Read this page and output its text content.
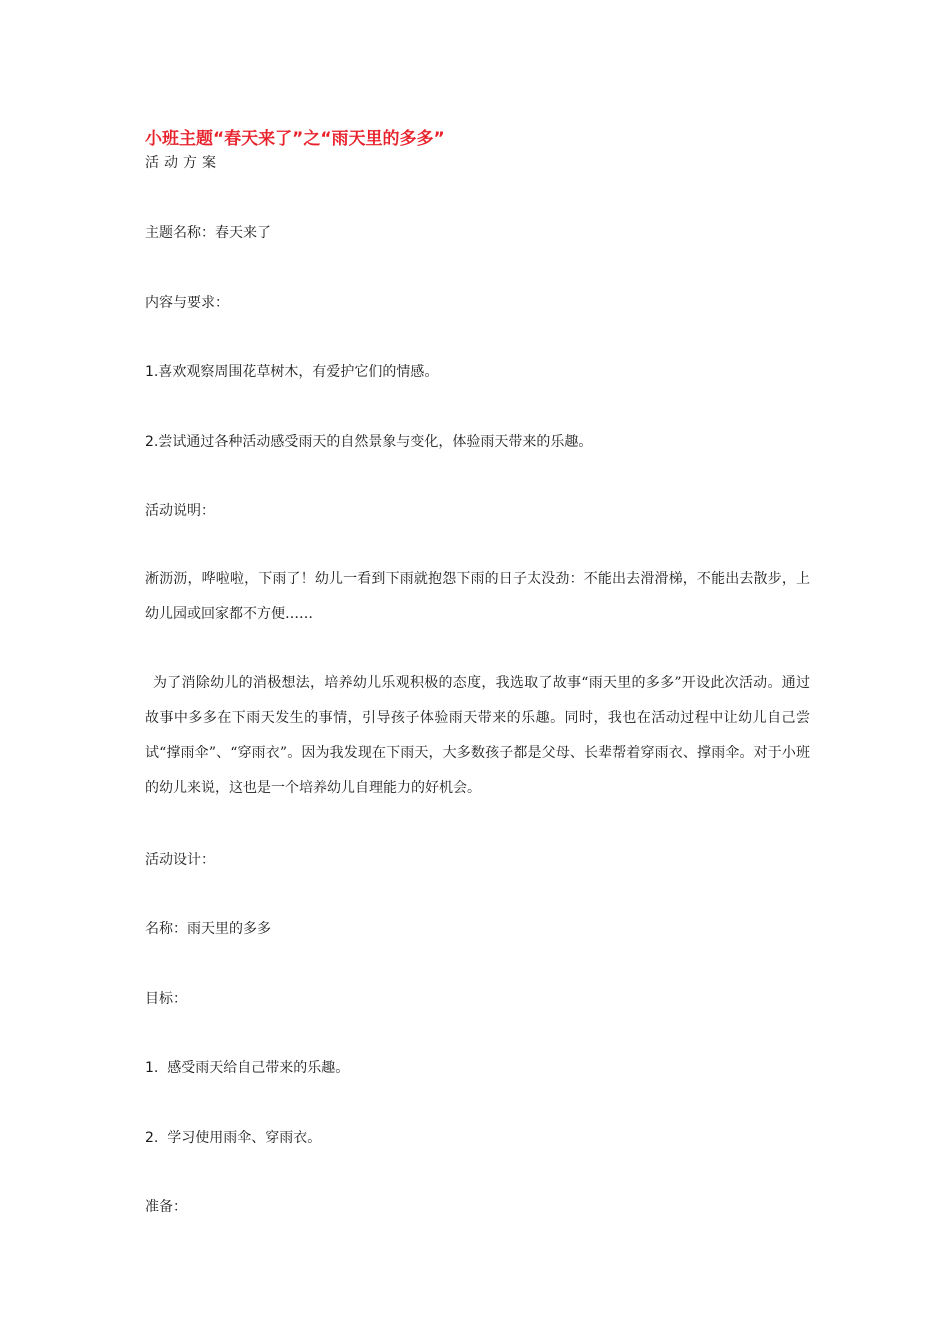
小班主题“春天来了”之“雨天里的多多”
活动方案
主题名称：春天来了
内容与要求：
1.喜欢观察周围花草树木，有爱护它们的情感。
2.尝试通过各种活动感受雨天的自然景象与变化，体验雨天带来的乐趣。
活动说明：
淅沥沥，哗啦啦，下雨了！幼儿一看到下雨就抱怨下雨的日子太没劲：不能出去滑滑梯，不能出去散步，上幼儿园或回家都不方便……
为了消除幼儿的消极想法，培养幼儿乐观积极的态度，我选取了故事“雨天里的多多”开设此次活动。通过故事中多多在下雨天发生的事情，引导孩子体验雨天带来的乐趣。同时，我也在活动过程中让幼儿自己尝试“撑雨伞”、“穿雨衣”。因为我发现在下雨天，大多数孩子都是父母、长辈帮着穿雨衣、撑雨伞。对于小班的幼儿来说，这也是一个培养幼儿自理能力的好机会。
活动设计：
名称：雨天里的多多
目标：
1. 感受雨天给自己带来的乐趣。
2. 学习使用雨伞、穿雨衣。
准备：
